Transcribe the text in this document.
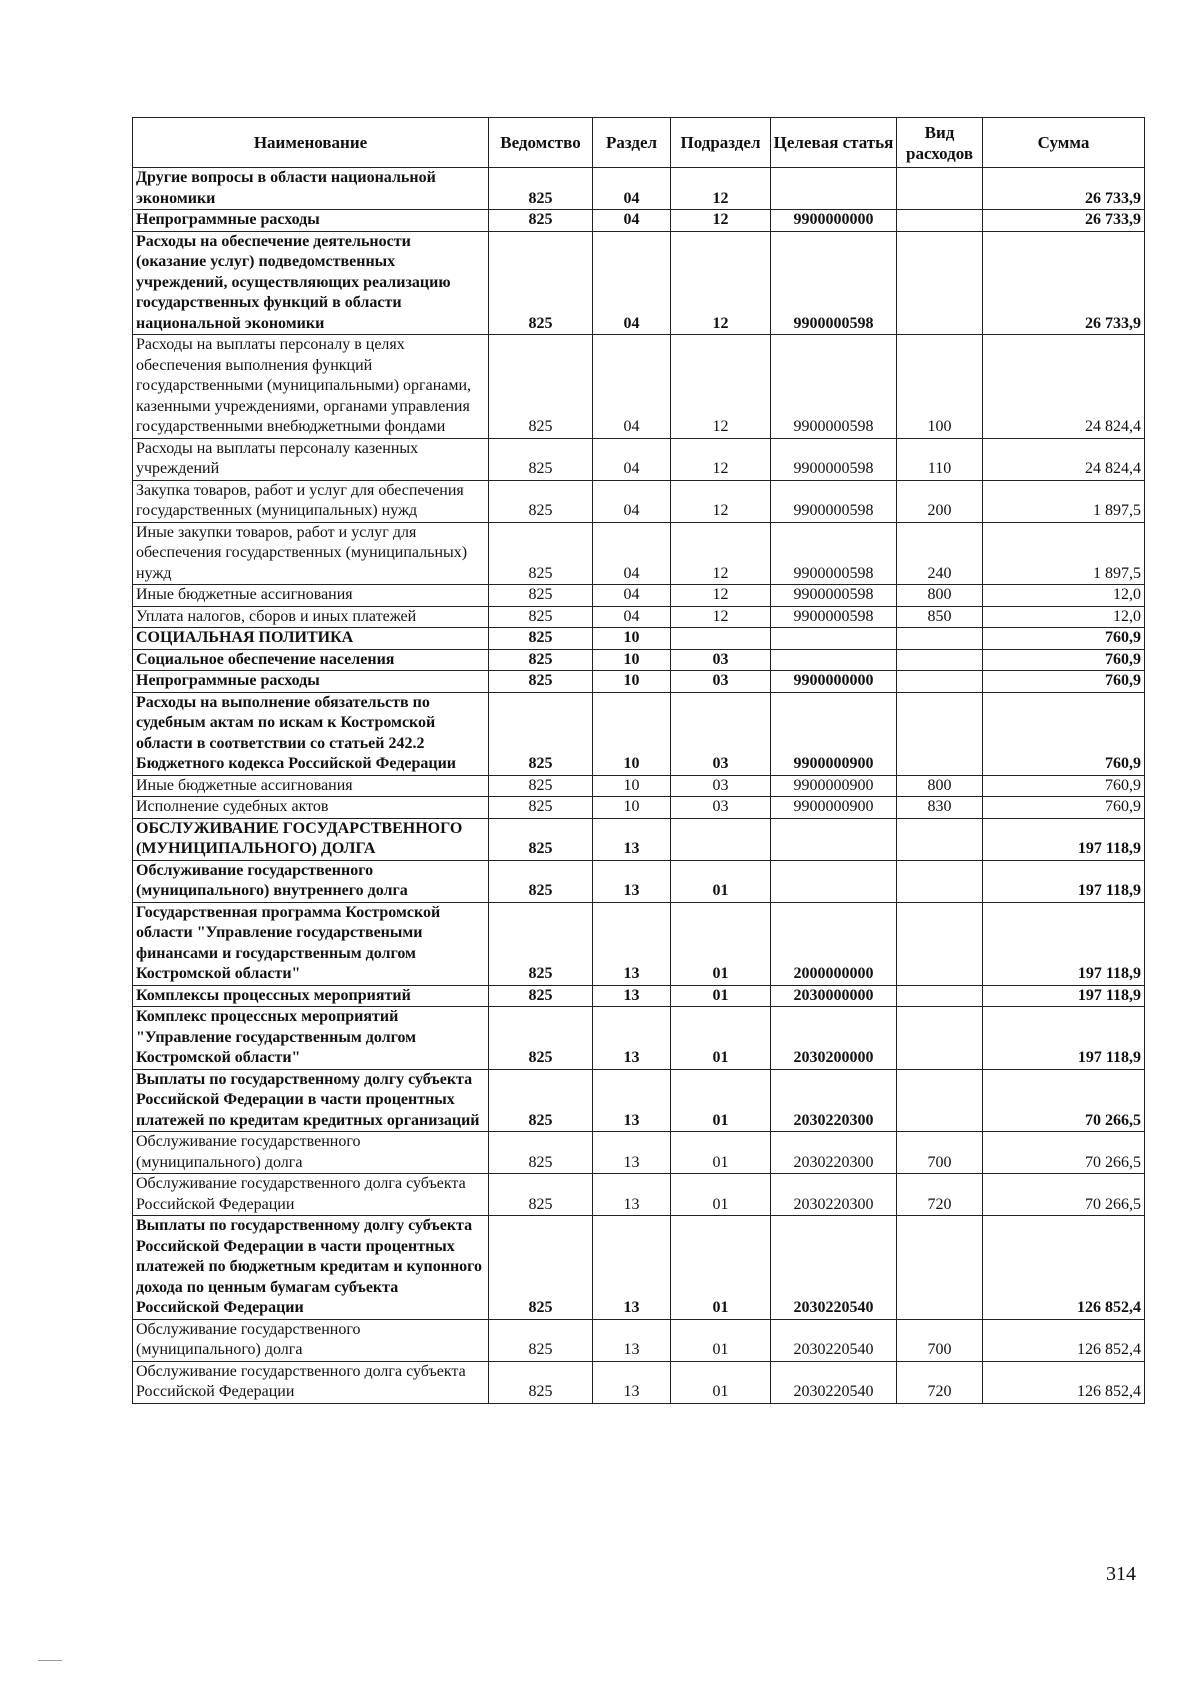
Наименование	Ведомство	Раздел	Подраздел	Целевая статья	Вид расходов	Сумма
Другие вопросы в области национальной экономики	825	04	12			26 733,9
Непрограммные расходы	825	04	12	9900000000		26 733,9
Расходы на обеспечение деятельности (оказание услуг) подведомственных учреждений, осуществляющих реализацию государственных функций в области национальной экономики	825	04	12	9900000598		26 733,9
Расходы на выплаты персоналу в целях обеспечения выполнения функций государственными (муниципальными) органами, казенными учреждениями, органами управления государственными внебюджетными фондами	825	04	12	9900000598	100	24 824,4
Расходы на выплаты персоналу казенных учреждений	825	04	12	9900000598	110	24 824,4
Закупка товаров, работ и услуг для обеспечения государственных (муниципальных) нужд	825	04	12	9900000598	200	1 897,5
Иные закупки товаров, работ и услуг для обеспечения государственных (муниципальных) нужд	825	04	12	9900000598	240	1 897,5
Иные бюджетные ассигнования	825	04	12	9900000598	800	12,0
Уплата налогов, сборов и иных платежей	825	04	12	9900000598	850	12,0
СОЦИАЛЬНАЯ ПОЛИТИКА	825	10				760,9
Социальное обеспечение населения	825	10	03			760,9
Непрограммные расходы	825	10	03	9900000000		760,9
Расходы на выполнение обязательств по судебным актам по искам к Костромской области в соответствии со статьей 242.2 Бюджетного кодекса Российской Федерации	825	10	03	9900000900		760,9
Иные бюджетные ассигнования	825	10	03	9900000900	800	760,9
Исполнение судебных актов	825	10	03	9900000900	830	760,9
ОБСЛУЖИВАНИЕ ГОСУДАРСТВЕННОГО (МУНИЦИПАЛЬНОГО) ДОЛГА	825	13				197 118,9
Обслуживание государственного (муниципального) внутреннего долга	825	13	01			197 118,9
Государственная программа Костромской области "Управление государствеными финансами и государственным долгом Костромской области"	825	13	01	2000000000		197 118,9
Комплексы процессных мероприятий	825	13	01	2030000000		197 118,9
Комплекс процессных мероприятий "Управление государственным долгом Костромской области"	825	13	01	2030200000		197 118,9
Выплаты по государственному долгу субъекта Российской Федерации в части процентных платежей по кредитам кредитных организаций	825	13	01	2030220300		70 266,5
Обслуживание государственного (муниципального) долга	825	13	01	2030220300	700	70 266,5
Обслуживание государственного долга субъекта Российской Федерации	825	13	01	2030220300	720	70 266,5
Выплаты по государственному долгу субъекта Российской Федерации в части процентных платежей по бюджетным кредитам и купонного дохода по ценным бумагам субъекта Российской Федерации	825	13	01	2030220540		126 852,4
Обслуживание государственного (муниципального) долга	825	13	01	2030220540	700	126 852,4
Обслуживание государственного долга субъекта Российской Федерации	825	13	01	2030220540	720	126 852,4
314
